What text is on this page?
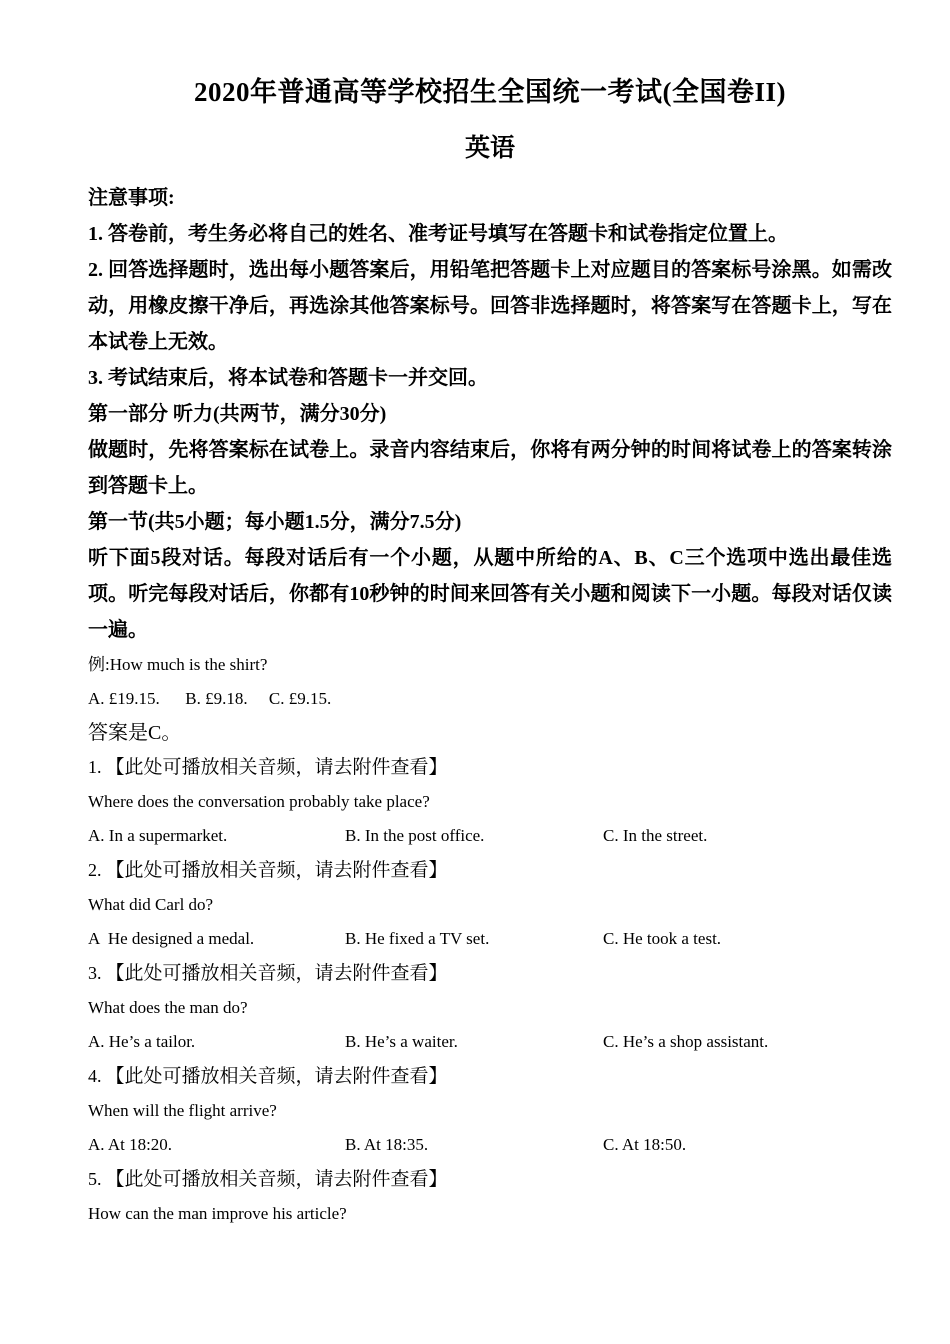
2020年普通高等学校招生全国统一考试(全国卷II)
英语
注意事项:

1. 答卷前，考生务必将自己的姓名、准考证号填写在答题卡和试卷指定位置上。

2. 回答选择题时，选出每小题答案后，用铅笔把答题卡上对应题目的答案标号涂黑。如需改动，用橡皮擦干净后，再选涂其他答案标号。回答非选择题时，将答案写在答题卡上，写在本试卷上无效。

3. 考试结束后，将本试卷和答题卡一并交回。

第一部分 听力(共两节，满分30分)

做题时，先将答案标在试卷上。录音内容结束后，你将有两分钟的时间将试卷上的答案转涂到答题卡上。

第一节(共5小题；每小题1.5分，满分7.5分)

听下面5段对话。每段对话后有一个小题，从题中所给的A、B、C三个选项中选出最佳选项。听完每段对话后，你都有10秒钟的时间来回答有关小题和阅读下一小题。每段对话仅读一遍。

例:How much is the shirt?

A. £19.15.      B. £9.18.     C. £9.15.

答案是C。

1. 【此处可播放相关音频，请去附件查看】

Where does the conversation probably take place?

A. In a supermarket.	B. In the post office.	C. In the street.

2. 【此处可播放相关音频，请去附件查看】

What did Carl do?

A  He designed a medal.	B. He fixed a TV set.	C. He took a test.

3. 【此处可播放相关音频，请去附件查看】

What does the man do?

A. He’s a tailor.	B. He’s a waiter.	C. He’s a shop assistant.

4. 【此处可播放相关音频，请去附件查看】

When will the flight arrive?

A. At 18:20.	B. At 18:35.	C. At 18:50.

5. 【此处可播放相关音频，请去附件查看】

How can the man improve his article?
